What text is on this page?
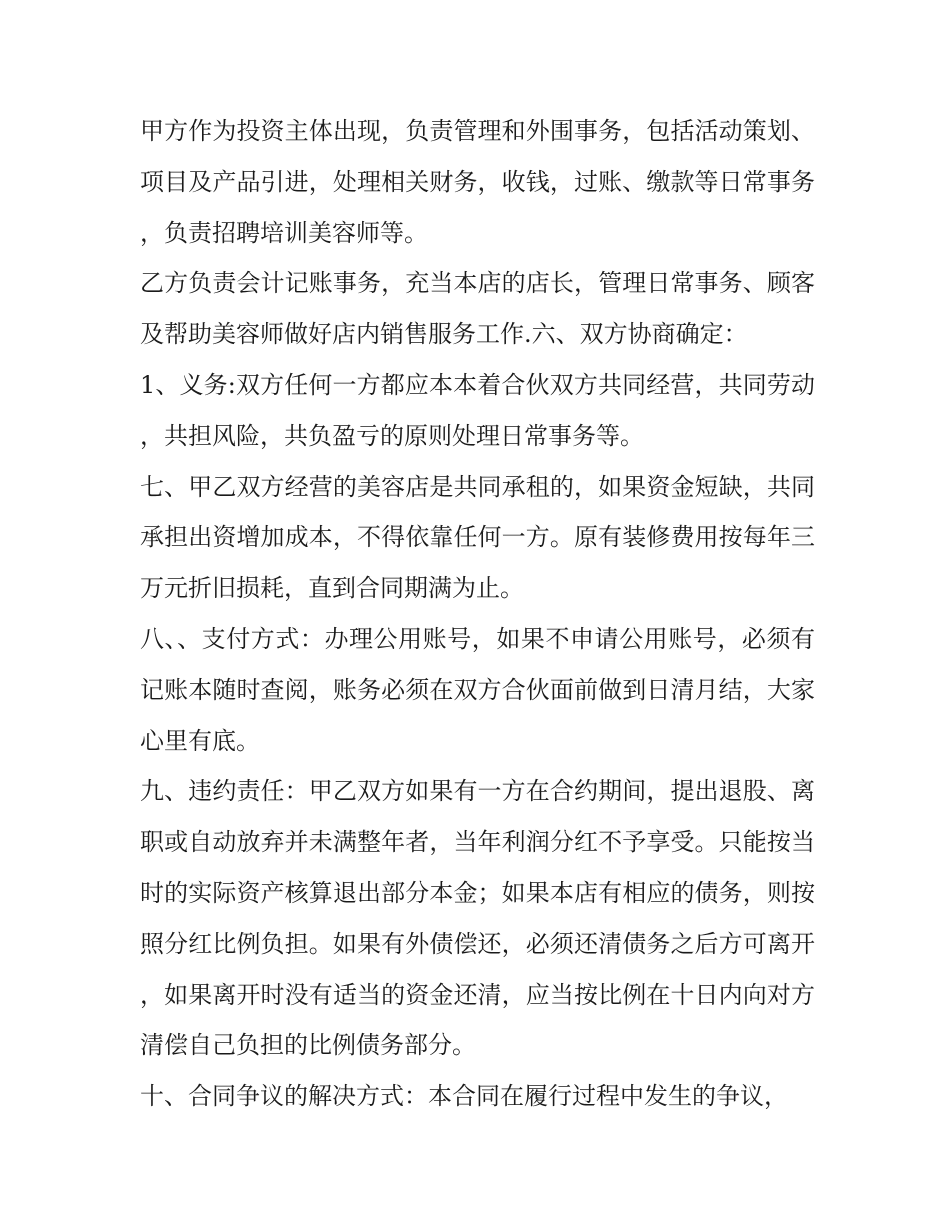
甲方作为投资主体出现，负责管理和外围事务，包括活动策划、项目及产品引进，处理相关财务，收钱，过账、缴款等日常事务，负责招聘培训美容师等。

乙方负责会计记账事务，充当本店的店长，管理日常事务、顾客及帮助美容师做好店内销售服务工作.六、双方协商确定：

1、义务:双方任何一方都应本本着合伙双方共同经营，共同劳动，共担风险，共负盈亏的原则处理日常事务等。

七、甲乙双方经营的美容店是共同承租的，如果资金短缺，共同承担出资增加成本，不得依靠任何一方。原有装修费用按每年三万元折旧损耗，直到合同期满为止。

八、、支付方式：办理公用账号，如果不申请公用账号，必须有记账本随时查阅，账务必须在双方合伙面前做到日清月结，大家心里有底。

九、违约责任：甲乙双方如果有一方在合约期间，提出退股、离职或自动放弃并未满整年者，当年利润分红不予享受。只能按当时的实际资产核算退出部分本金；如果本店有相应的债务，则按照分红比例负担。如果有外债偿还，必须还清债务之后方可离开，如果离开时没有适当的资金还清，应当按比例在十日内向对方清偿自己负担的比例债务部分。

十、合同争议的解决方式：本合同在履行过程中发生的争议，
